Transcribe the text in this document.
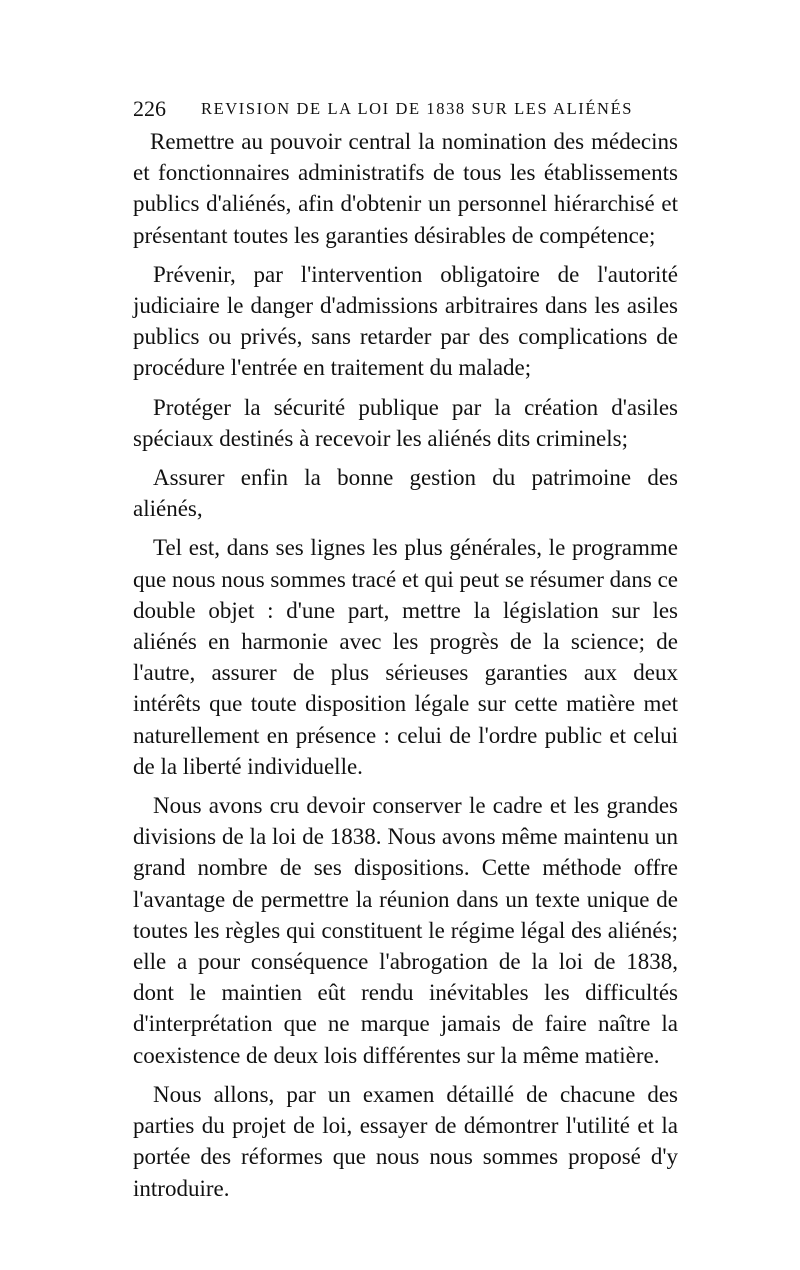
226 REVISION DE LA LOI DE 1838 SUR LES ALIÉNÉS

Remettre au pouvoir central la nomination des médecins et fonctionnaires administratifs de tous les établissements publics d'aliénés, afin d'obtenir un personnel hiérarchisé et présentant toutes les garanties désirables de compétence;

Prévenir, par l'intervention obligatoire de l'autorité judiciaire le danger d'admissions arbitraires dans les asiles publics ou privés, sans retarder par des complications de procédure l'entrée en traitement du malade;

Protéger la sécurité publique par la création d'asiles spéciaux destinés à recevoir les aliénés dits criminels;

Assurer enfin la bonne gestion du patrimoine des aliénés,

Tel est, dans ses lignes les plus générales, le programme que nous nous sommes tracé et qui peut se résumer dans ce double objet : d'une part, mettre la législation sur les aliénés en harmonie avec les progrès de la science; de l'autre, assurer de plus sérieuses garanties aux deux intérêts que toute disposition légale sur cette matière met naturellement en présence : celui de l'ordre public et celui de la liberté individuelle.

Nous avons cru devoir conserver le cadre et les grandes divisions de la loi de 1838. Nous avons même maintenu un grand nombre de ses dispositions. Cette méthode offre l'avantage de permettre la réunion dans un texte unique de toutes les règles qui constituent le régime légal des aliénés; elle a pour conséquence l'abrogation de la loi de 1838, dont le maintien eût rendu inévitables les difficultés d'interprétation que ne marque jamais de faire naître la coexistence de deux lois différentes sur la même matière.

Nous allons, par un examen détaillé de chacune des parties du projet de loi, essayer de démontrer l'utilité et la portée des réformes que nous nous sommes proposé d'y introduire.
